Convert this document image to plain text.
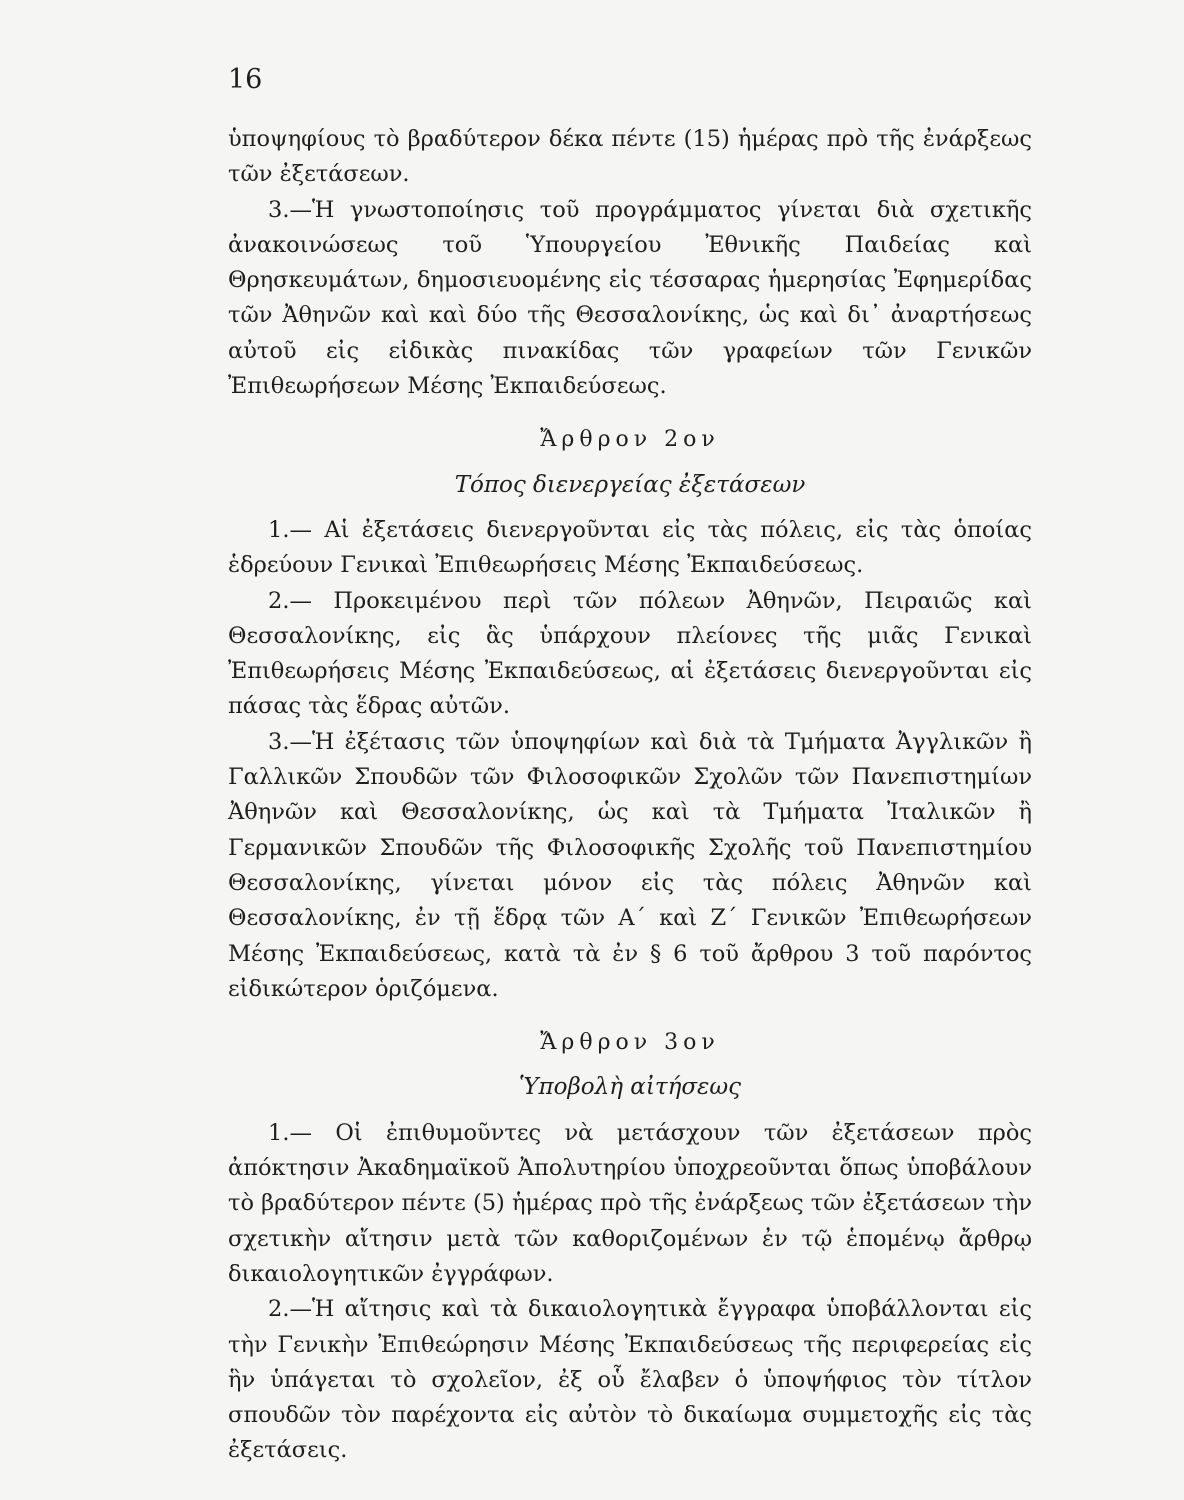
16

ὑποψηφίους τὸ βραδύτερον δέκα πέντε (15) ἡμέρας πρὸ τῆς ἐνάρξεως τῶν ἐξετάσεων.

3.—Ἡ γνωστοποίησις τοῦ προγράμματος γίνεται διὰ σχετικῆς ἀνακοινώσεως τοῦ Ὑπουργείου Ἐθνικῆς Παιδείας καὶ Θρησκευμάτων, δημοσιευομένης εἰς τέσσαρας ἡμερησίας Ἐφημερίδας τῶν Ἀθηνῶν καὶ καὶ δύο τῆς Θεσσαλονίκης, ὡς καὶ δι᾽ ἀναρτήσεως αὐτοῦ εἰς εἰδικὰς πινακίδας τῶν γραφείων τῶν Γενικῶν Ἐπιθεωρήσεων Μέσης Ἐκπαιδεύσεως.

Ἄρθρον 2ον

Τόπος διενεργείας ἐξετάσεων

1.— Αἱ ἐξετάσεις διενεργοῦνται εἰς τὰς πόλεις, εἰς τὰς ὁποίας ἑδρεύουν Γενικαὶ Ἐπιθεωρήσεις Μέσης Ἐκπαιδεύσεως.

2.— Προκειμένου περὶ τῶν πόλεων Ἀθηνῶν, Πειραιῶς καὶ Θεσσαλονίκης, εἰς ἃς ὑπάρχουν πλείονες τῆς μιᾶς Γενικαὶ Ἐπιθεωρήσεις Μέσης Ἐκπαιδεύσεως, αἱ ἐξετάσεις διενεργοῦνται εἰς πάσας τὰς ἕδρας αὐτῶν.

3.—Ἡ ἐξέτασις τῶν ὑποψηφίων καὶ διὰ τὰ Τμήματα Ἀγγλικῶν ἢ Γαλλικῶν Σπουδῶν τῶν Φιλοσοφικῶν Σχολῶν τῶν Πανεπιστημίων Ἀθηνῶν καὶ Θεσσαλονίκης, ὡς καὶ τὰ Τμήματα Ἰταλικῶν ἢ Γερμανικῶν Σπουδῶν τῆς Φιλοσοφικῆς Σχολῆς τοῦ Πανεπιστημίου Θεσσαλονίκης, γίνεται μόνον εἰς τὰς πόλεις Ἀθηνῶν καὶ Θεσσαλονίκης, ἐν τῇ ἕδρᾳ τῶν Α΄ καὶ Ζ΄ Γενικῶν Ἐπιθεωρήσεων Μέσης Ἐκπαιδεύσεως, κατὰ τὰ ἐν § 6 τοῦ ἄρθρου 3 τοῦ παρόντος εἰδικώτερον ὁριζόμενα.

Ἄρθρον 3ον

Ὑποβολὴ αἰτήσεως

1.— Οἱ ἐπιθυμοῦντες νὰ μετάσχουν τῶν ἐξετάσεων πρὸς ἀπόκτησιν Ἀκαδημαϊκοῦ Ἀπολυτηρίου ὑποχρεοῦνται ὅπως ὑποβάλουν τὸ βραδύτερον πέντε (5) ἡμέρας πρὸ τῆς ἐνάρξεως τῶν ἐξετάσεων τὴν σχετικὴν αἴτησιν μετὰ τῶν καθοριζομένων ἐν τῷ ἑπομένῳ ἄρθρῳ δικαιολογητικῶν ἐγγράφων.

2.—Ἡ αἴτησις καὶ τὰ δικαιολογητικὰ ἔγγραφα ὑποβάλλονται εἰς τὴν Γενικὴν Ἐπιθεώρησιν Μέσης Ἐκπαιδεύσεως τῆς περιφερείας εἰς ἣν ὑπάγεται τὸ σχολεῖον, ἐξ οὗ ἔλαβεν ὁ ὑποψήφιος τὸν τίτλον σπουδῶν τὸν παρέχοντα εἰς αὐτὸν τὸ δικαίωμα συμμετοχῆς εἰς τὰς ἐξετάσεις.
